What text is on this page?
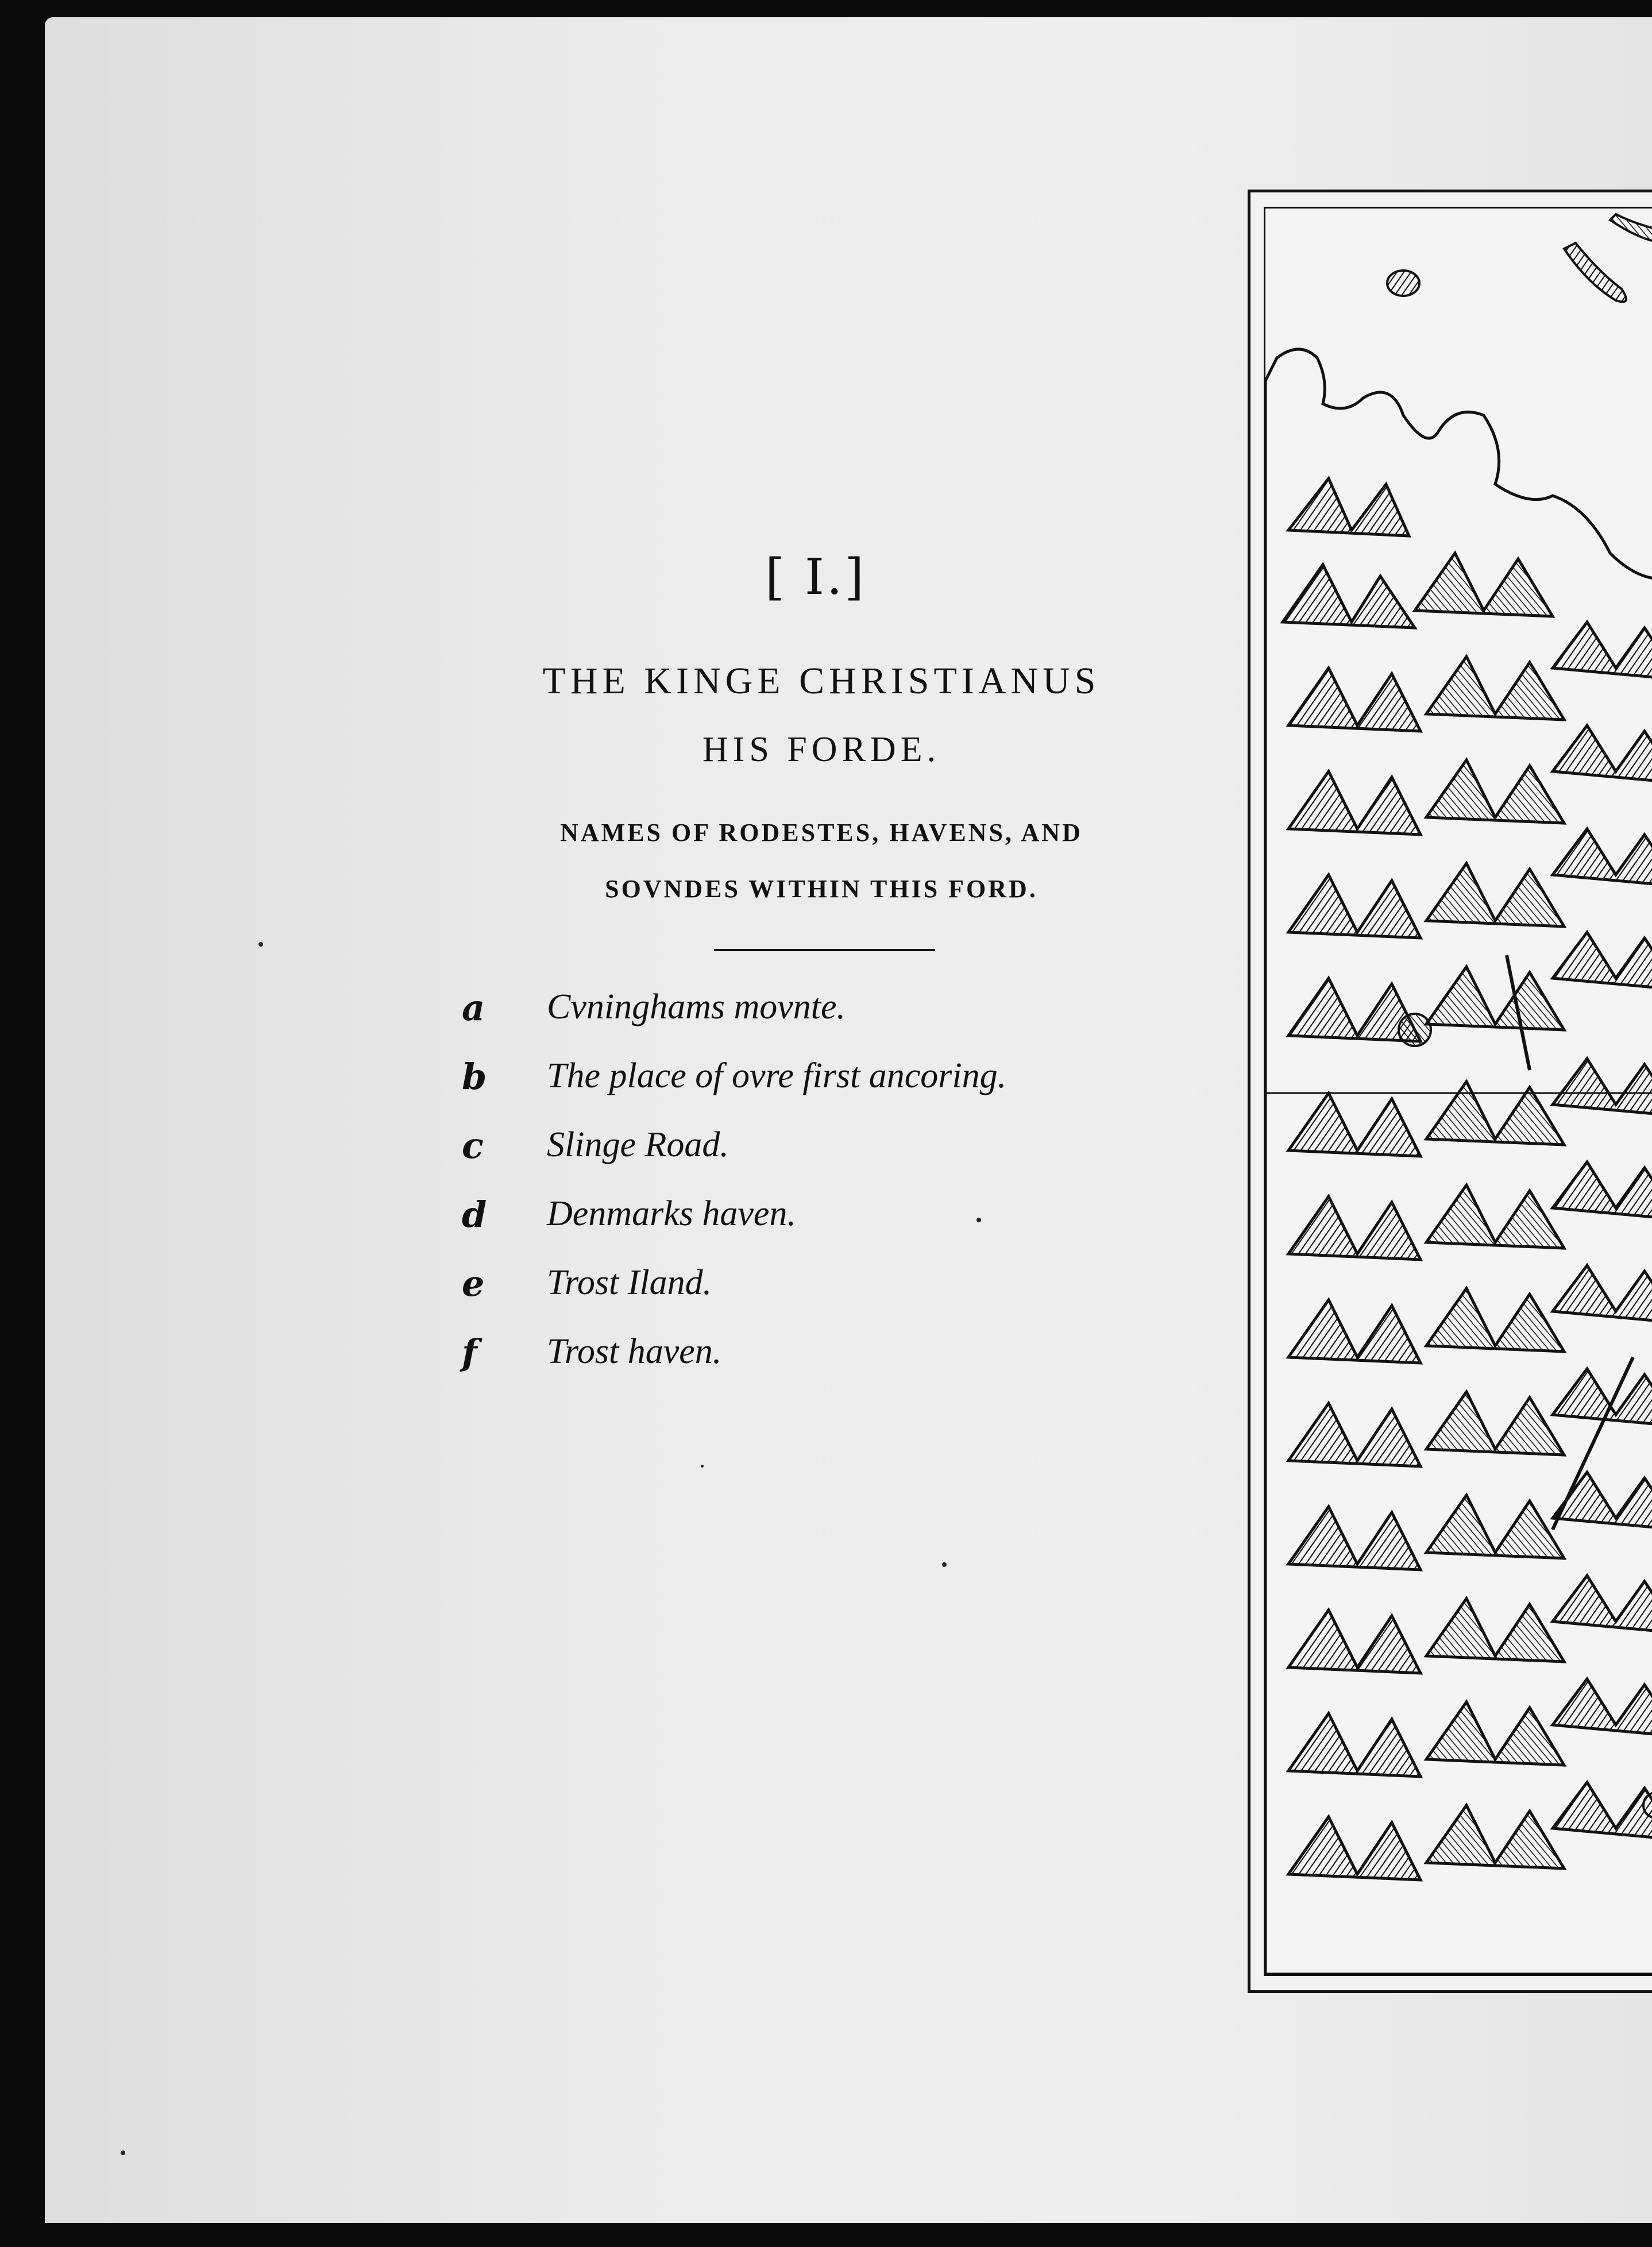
[ I.]
THE KINGE CHRISTIANUS
HIS FORDE.
NAMES OF RODESTES, HAVENS, AND
SOVNDES WITHIN THIS FORD.
a	Cvninghams movnte.
b	The place of ovre first ancoring.
c	Slinge Road.
d	Denmarks haven.
e	Trost Iland.
f	Trost haven.
